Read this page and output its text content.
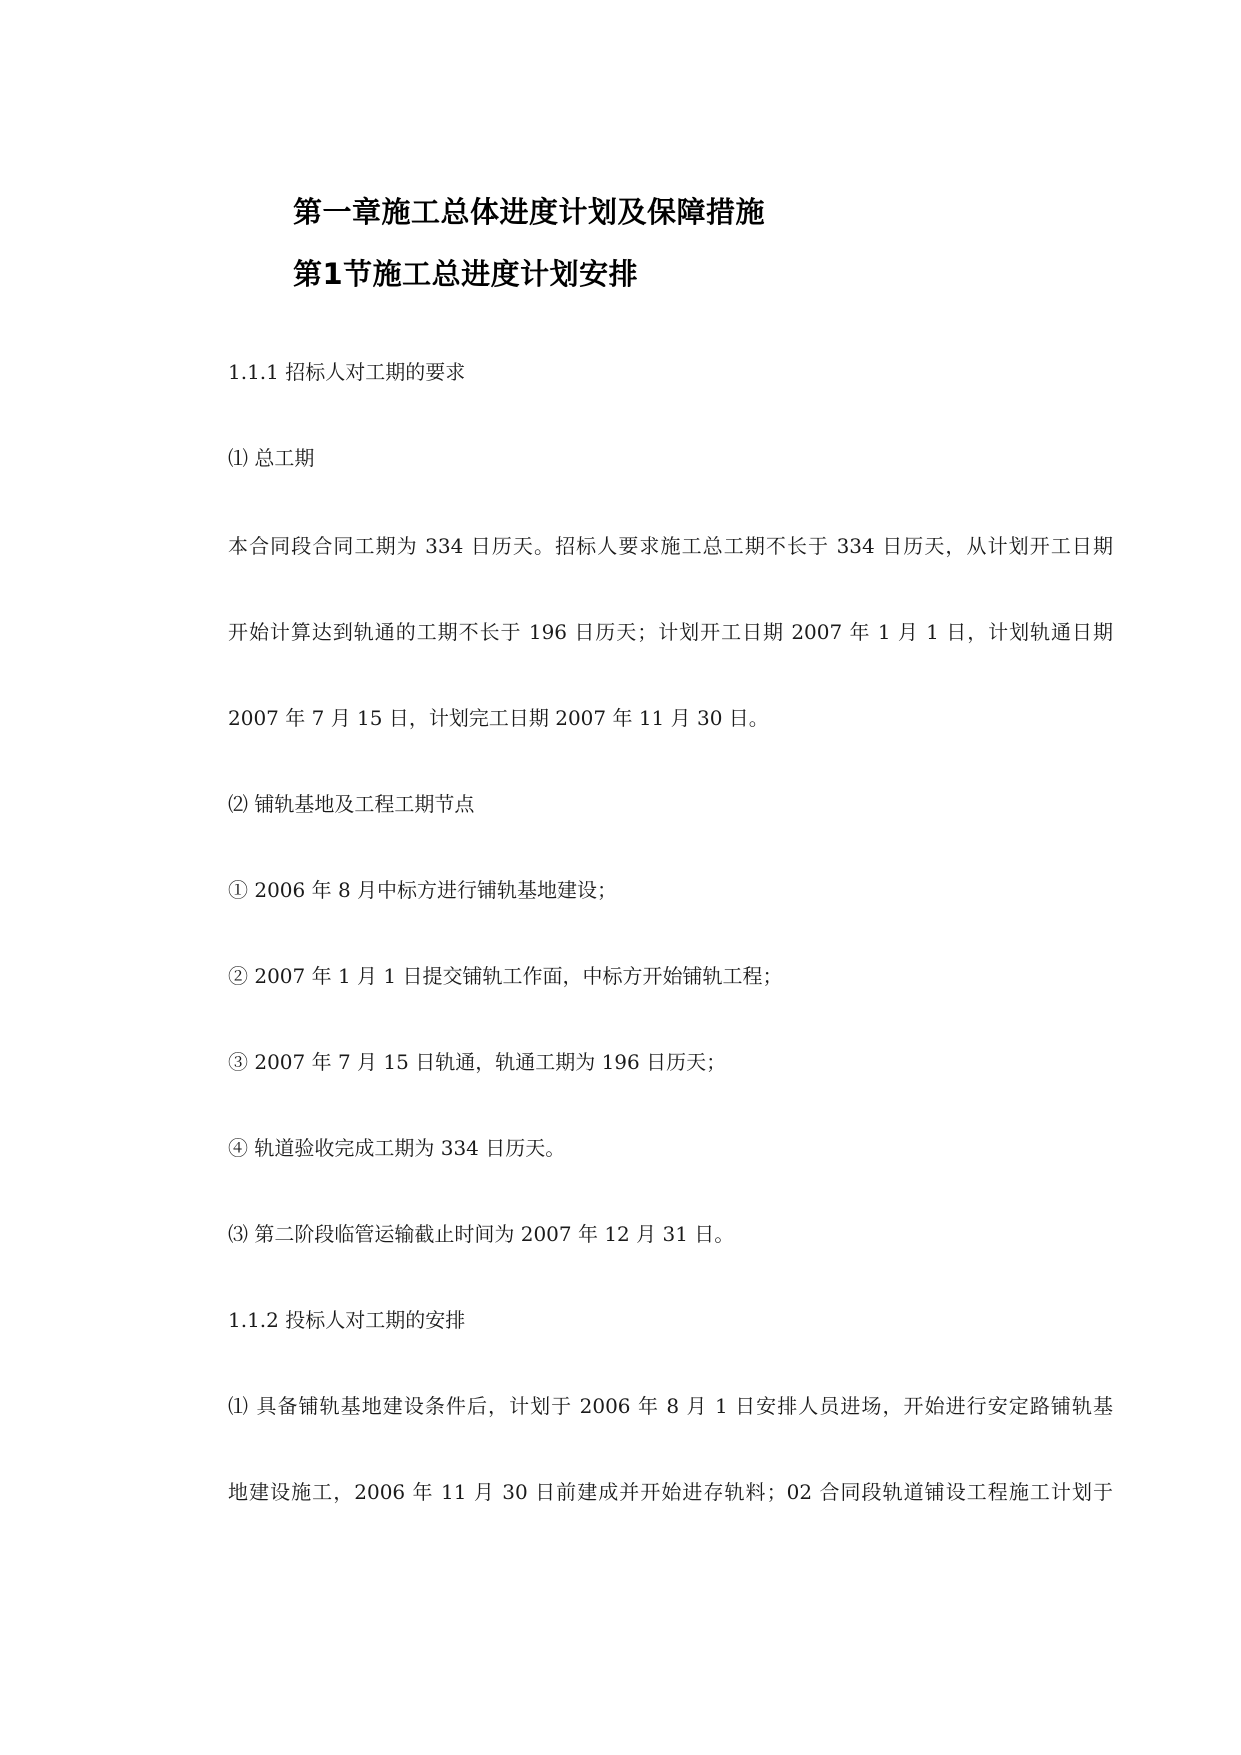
第一章施工总体进度计划及保障措施
第1节施工总进度计划安排
1.1.1 招标人对工期的要求
⑴ 总工期
本合同段合同工期为 334 日历天。招标人要求施工总工期不长于 334 日历天，从计划开工日期
开始计算达到轨通的工期不长于 196 日历天；计划开工日期 2007 年 1 月 1 日，计划轨通日期
2007 年 7 月 15 日，计划完工日期 2007 年 11 月 30 日。
⑵ 铺轨基地及工程工期节点
① 2006 年 8 月中标方进行铺轨基地建设；
② 2007 年 1 月 1 日提交铺轨工作面，中标方开始铺轨工程；
③ 2007 年 7 月 15 日轨通，轨通工期为 196 日历天；
④ 轨道验收完成工期为 334 日历天。
⑶ 第二阶段临管运输截止时间为 2007 年 12 月 31 日。
1.1.2 投标人对工期的安排
⑴ 具备铺轨基地建设条件后，计划于 2006 年 8 月 1 日安排人员进场，开始进行安定路铺轨基
地建设施工，2006 年 11 月 30 日前建成并开始进存轨料；02 合同段轨道铺设工程施工计划于
